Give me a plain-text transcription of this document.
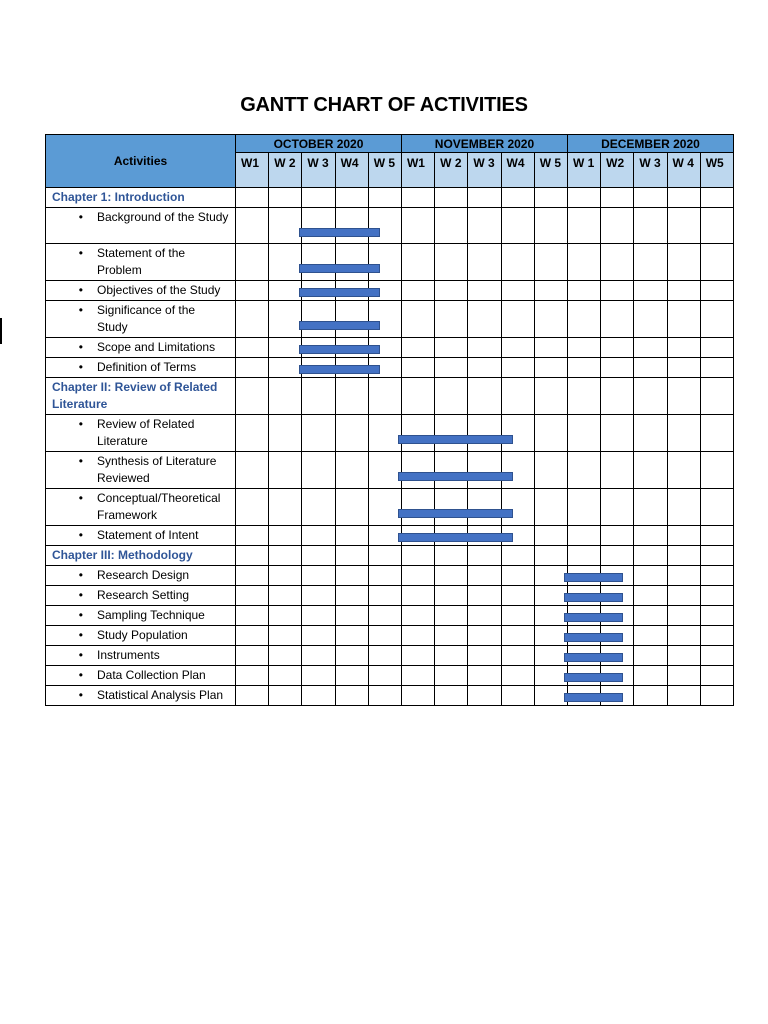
GANTT CHART OF ACTIVITIES
Activities	OCTOBER 2020					NOVEMBER 2020					DECEMBER 2020				
	W1	W 2	W 3	W4	W 5	W1	W 2	W 3	W4	W 5	W 1	W2	W 3	W 4	W5
Chapter 1: Introduction															

• Background of the Study															

• Statement of the Problem															

• Objectives of the Study															

• Significance of the Study															

• Scope and Limitations															

• Definition of Terms															

Chapter II: Review of Related Literature															

• Review of Related Literature															

• Synthesis of Literature Reviewed															

• Conceptual/Theoretical Framework															

• Statement of Intent															

Chapter III: Methodology															

• Research Design															

• Research Setting															

• Sampling Technique															

• Study Population															

• Instruments															

• Data Collection Plan															

• Statistical Analysis Plan															
